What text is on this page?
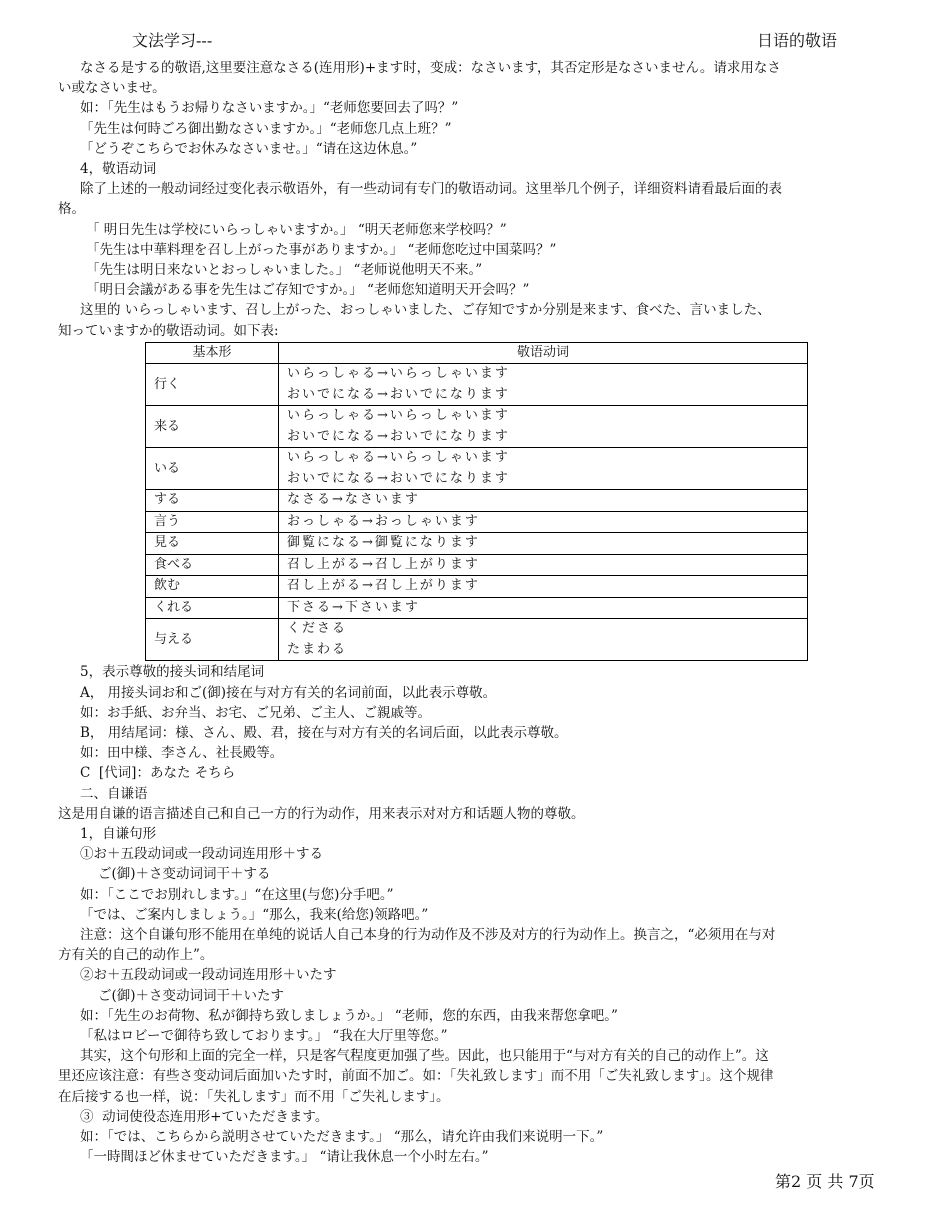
文法学习---	日语的敬语

なさる是する的敬语,这里要注意なさる(连用形)+ます时，变成：なさいます，其否定形是なさいません。请求用なさ

い或なさいませ。

如：「先生はもうお帰りなさいますか。」“老师您要回去了吗？”

「先生は何時ごろ御出勤なさいますか。」“老师您几点上班？”

「どうぞこちらでお休みなさいませ。」“请在这边休息。”

4，敬语动词

除了上述的一般动词经过变化表示敬语外，有一些动词有专门的敬语动词。这里举几个例子，详细资料请看最后面的表

格。

「 明日先生は学校にいらっしゃいますか。」 “明天老师您来学校吗？”

「先生は中華料理を召し上がった事がありますか。」 “老师您吃过中国菜吗？”

「先生は明日来ないとおっしゃいました。」 “老师说他明天不来。”

「明日会議がある事を先生はご存知ですか。」 “老师您知道明天开会吗？”

这里的 いらっしゃいます、召し上がった、おっしゃいました、ご存知ですか分别是来ます、食べた、言いました、

知っていますか的敬语动词。如下表:

基本形	敬语动词
行く	いらっしゃる→いらっしゃいます
おいでになる→おいでになります

来る	いらっしゃる→いらっしゃいます
おいでになる→おいでになります

いる	いらっしゃる→いらっしゃいます
おいでになる→おいでになります

する	なさる→なさいます

言う	おっしゃる→おっしゃいます

見る	御覧になる→御覧になります

食べる	召し上がる→召し上がります

飲む	召し上がる→召し上がります

くれる	下さる→下さいます

与える	くださる
たまわる

5，表示尊敬的接头词和结尾词

A， 用接头词お和ご(御)接在与对方有关的名词前面，以此表示尊敬。

如：お手紙、お弁当、お宅、ご兄弟、ご主人、ご親戚等。

B， 用结尾词：様、さん、殿、君，接在与对方有关的名词后面，以此表示尊敬。

如：田中様、李さん、社長殿等。

C  [代词]：あなた そちら

二、自谦语

这是用自谦的语言描述自己和自己一方的行为动作，用来表示对对方和话题人物的尊敬。

1，自谦句形

①お＋五段动词或一段动词连用形＋する

ご(御)＋さ变动词词干＋する

如：「ここでお別れします。」“在这里(与您)分手吧。”

「では、ご案内しましょう。」“那么，我来(给您)领路吧。”

注意：这个自谦句形不能用在单纯的说话人自己本身的行为动作及不涉及对方的行为动作上。换言之，“必须用在与对

方有关的自己的动作上”。

②お＋五段动词或一段动词连用形＋いたす

ご(御)＋さ变动词词干＋いたす

如：「先生のお荷物、私が御持ち致しましょうか。」 “老师，您的东西，由我来帮您拿吧。”

「私はロビーで御待ち致しております。」 “我在大厅里等您。”

其实，这个句形和上面的完全一样，只是客气程度更加强了些。因此，也只能用于“与对方有关的自己的动作上”。这

里还应该注意：有些さ变动词后面加いたす时，前面不加ご。如：「失礼致します」而不用「ご失礼致します」。这个规律

在后接する也一样，说：「失礼します」而不用「ご失礼します」。

③  动词使役态连用形+ていただきます。

如：「では、こちらから説明させていただきます。」 “那么，请允许由我们来说明一下。”

「一時間ほど休ませていただきます。」 “请让我休息一个小时左右。”

第2 页 共 7页
